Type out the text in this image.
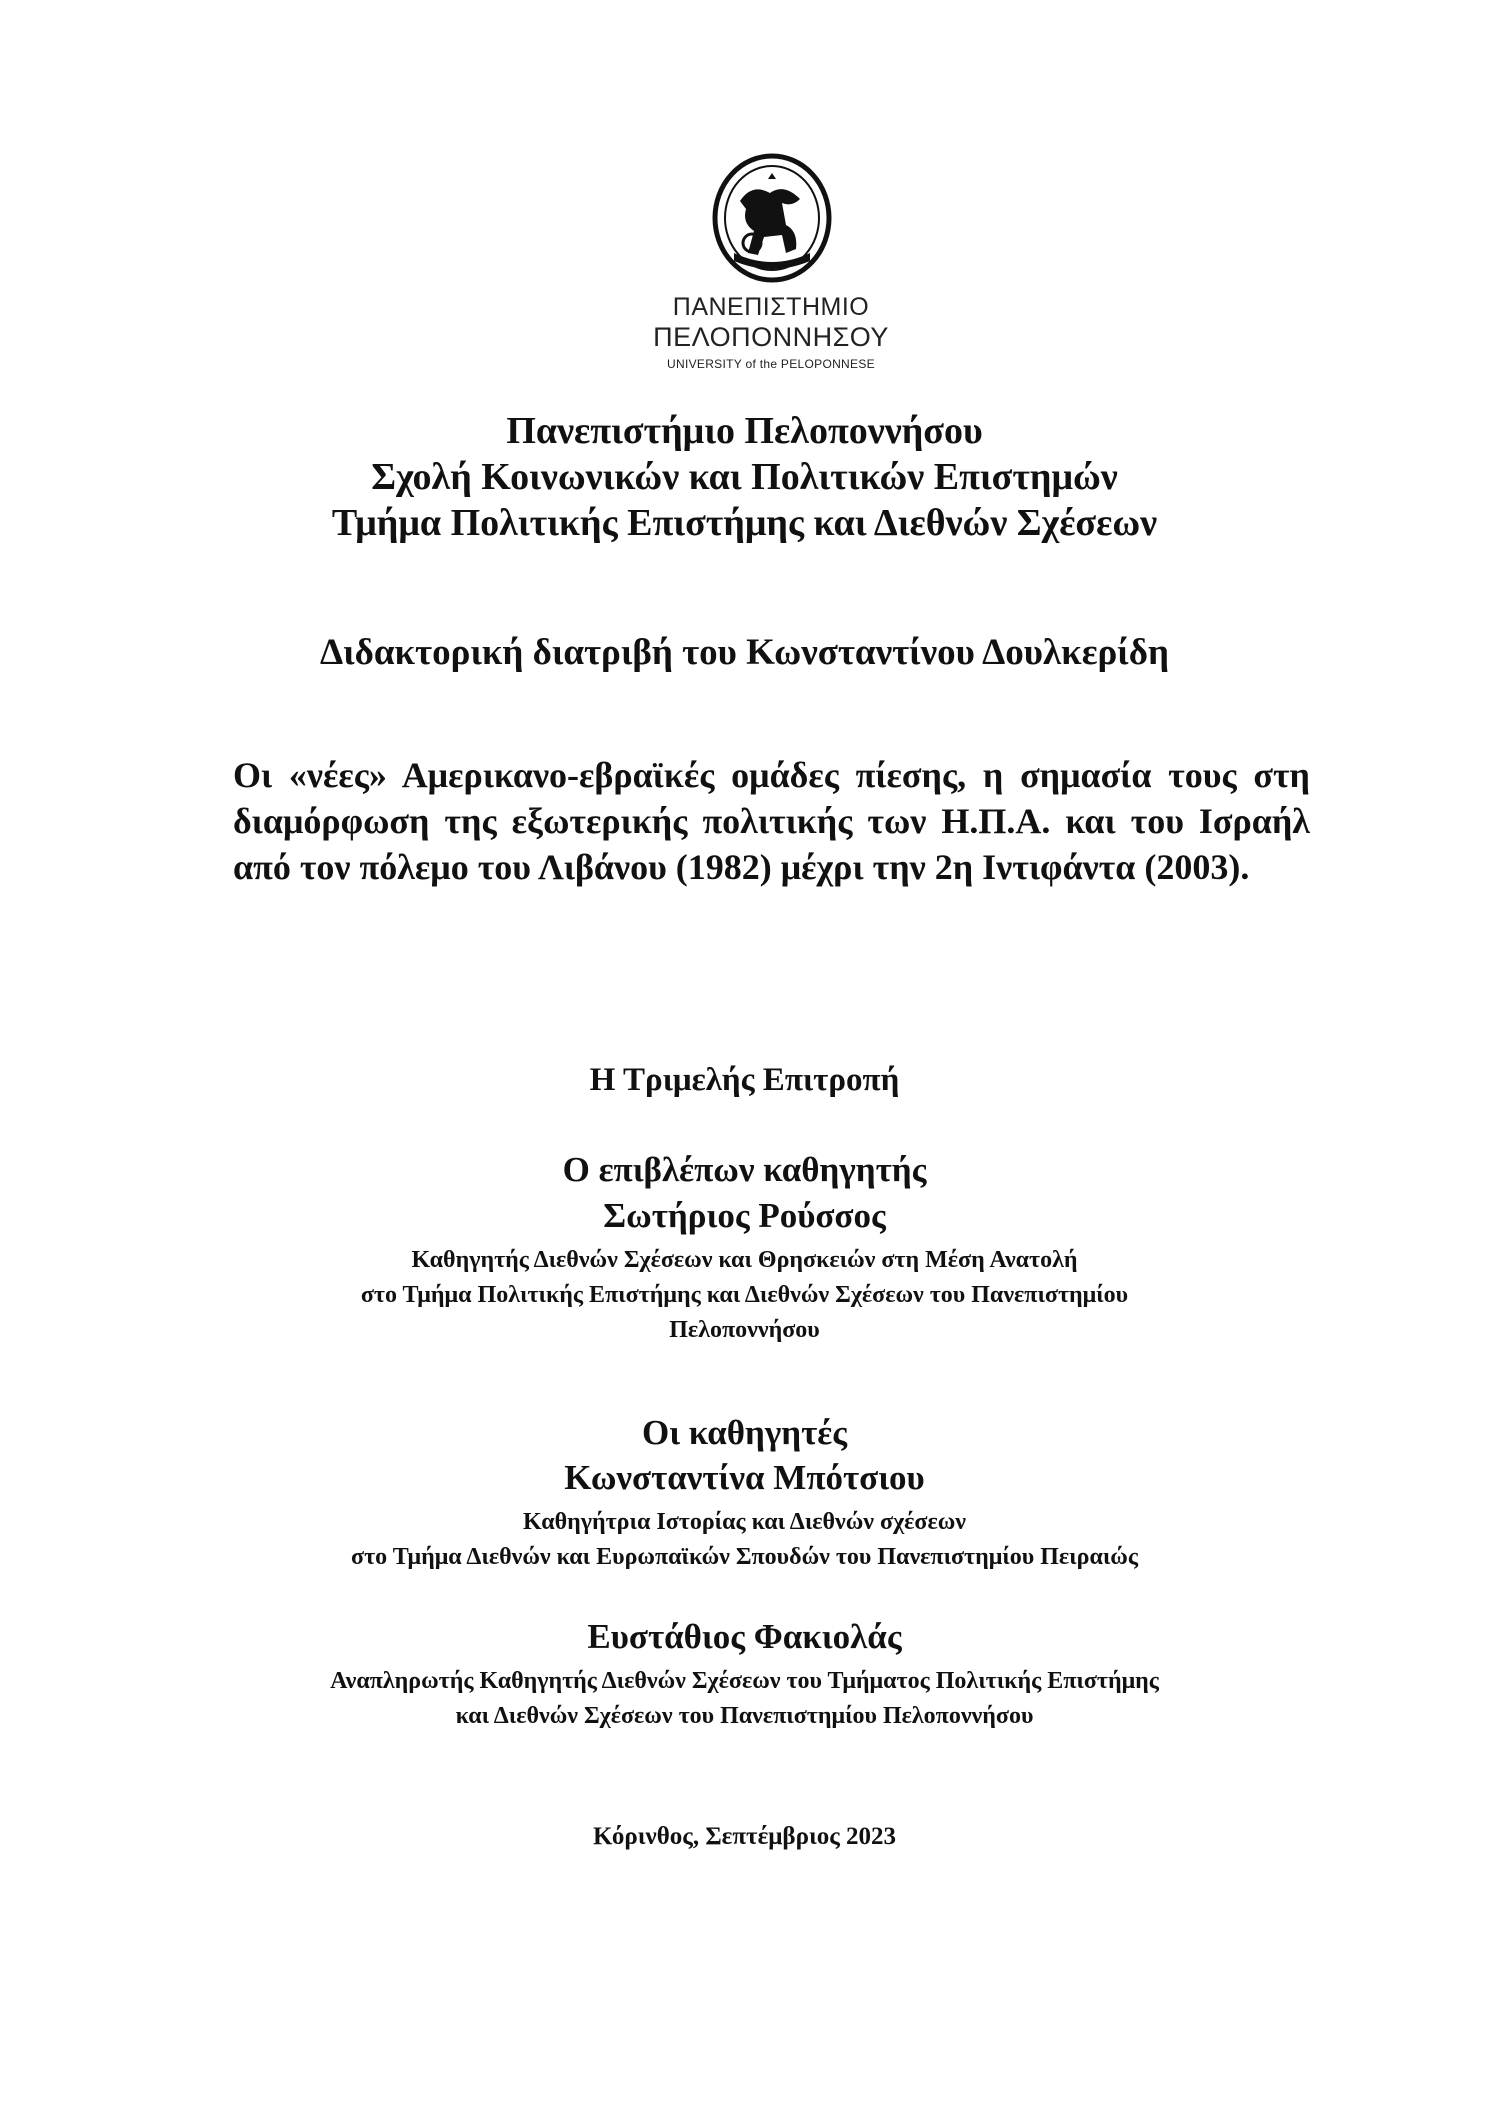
ΠΑΝΕΠΙΣΤΗΜΙΟ
ΠΕΛΟΠΟΝΝΗΣΟΥ
UNIVERSITY of the PELOPONNESE
Πανεπιστήμιο Πελοποννήσου
Σχολή Κοινωνικών και Πολιτικών Επιστημών
Τμήμα Πολιτικής Επιστήμης και Διεθνών Σχέσεων
Διδακτορική διατριβή του Κωνσταντίνου Δουλκερίδη
Οι «νέες» Αμερικανο-εβραϊκές ομάδες πίεσης, η σημασία τους στη διαμόρφωση της εξωτερικής πολιτικής των Η.Π.Α. και του Ισραήλ από τον πόλεμο του Λιβάνου (1982) μέχρι την 2η Ιντιφάντα (2003).
Η Τριμελής Επιτροπή
Ο επιβλέπων καθηγητής
Σωτήριος Ρούσσος
Καθηγητής Διεθνών Σχέσεων και Θρησκειών στη Μέση Ανατολή
στο Τμήμα Πολιτικής Επιστήμης και Διεθνών Σχέσεων του Πανεπιστημίου
Πελοποννήσου
Οι καθηγητές
Κωνσταντίνα Μπότσιου
Καθηγήτρια Ιστορίας και Διεθνών σχέσεων
στο Τμήμα Διεθνών και Ευρωπαϊκών Σπουδών του Πανεπιστημίου Πειραιώς
Ευστάθιος Φακιολάς
Αναπληρωτής Καθηγητής Διεθνών Σχέσεων του Τμήματος Πολιτικής Επιστήμης
και Διεθνών Σχέσεων του Πανεπιστημίου Πελοποννήσου
Κόρινθος, Σεπτέμβριος 2023
